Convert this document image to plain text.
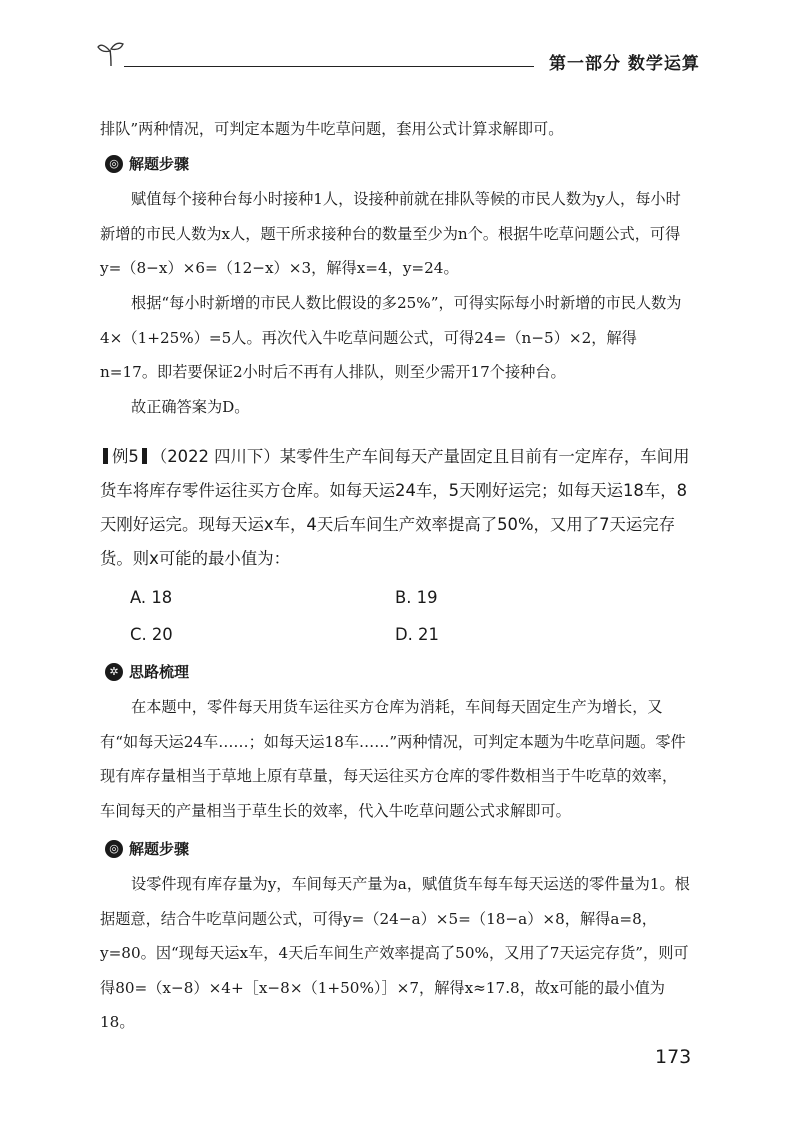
第一部分 数学运算

排队”两种情况，可判定本题为牛吃草问题，套用公式计算求解即可。

◎ 解题步骤

赋值每个接种台每小时接种1人，设接种前就在排队等候的市民人数为y人，每小时新增的市民人数为x人，题干所求接种台的数量至少为n个。根据牛吃草问题公式，可得y=（8−x）×6=（12−x）×3，解得x=4，y=24。

根据“每小时新增的市民人数比假设的多25%”，可得实际每小时新增的市民人数为4×（1+25%）=5人。再次代入牛吃草问题公式，可得24=（n−5）×2，解得n=17。即若要保证2小时后不再有人排队，则至少需开17个接种台。

故正确答案为D。

例5 （2022 四川下）某零件生产车间每天产量固定且目前有一定库存，车间用货车将库存零件运往买方仓库。如每天运24车，5天刚好运完；如每天运18车，8天刚好运完。现每天运x车，4天后车间生产效率提高了50%，又用了7天运完存货。则x可能的最小值为：
A. 18	B. 19
C. 20	D. 21
✲ 思路梳理

在本题中，零件每天用货车运往买方仓库为消耗，车间每天固定生产为增长，又有“如每天运24车……；如每天运18车……”两种情况，可判定本题为牛吃草问题。零件现有库存量相当于草地上原有草量，每天运往买方仓库的零件数相当于牛吃草的效率，车间每天的产量相当于草生长的效率，代入牛吃草问题公式求解即可。

◎ 解题步骤

设零件现有库存量为y，车间每天产量为a，赋值货车每车每天运送的零件量为1。根据题意，结合牛吃草问题公式，可得y=（24−a）×5=（18−a）×8，解得a=8，y=80。因“现每天运x车，4天后车间生产效率提高了50%，又用了7天运完存货”，则可得80=（x−8）×4+［x−8×（1+50%）］×7，解得x≈17.8，故x可能的最小值为18。

173
